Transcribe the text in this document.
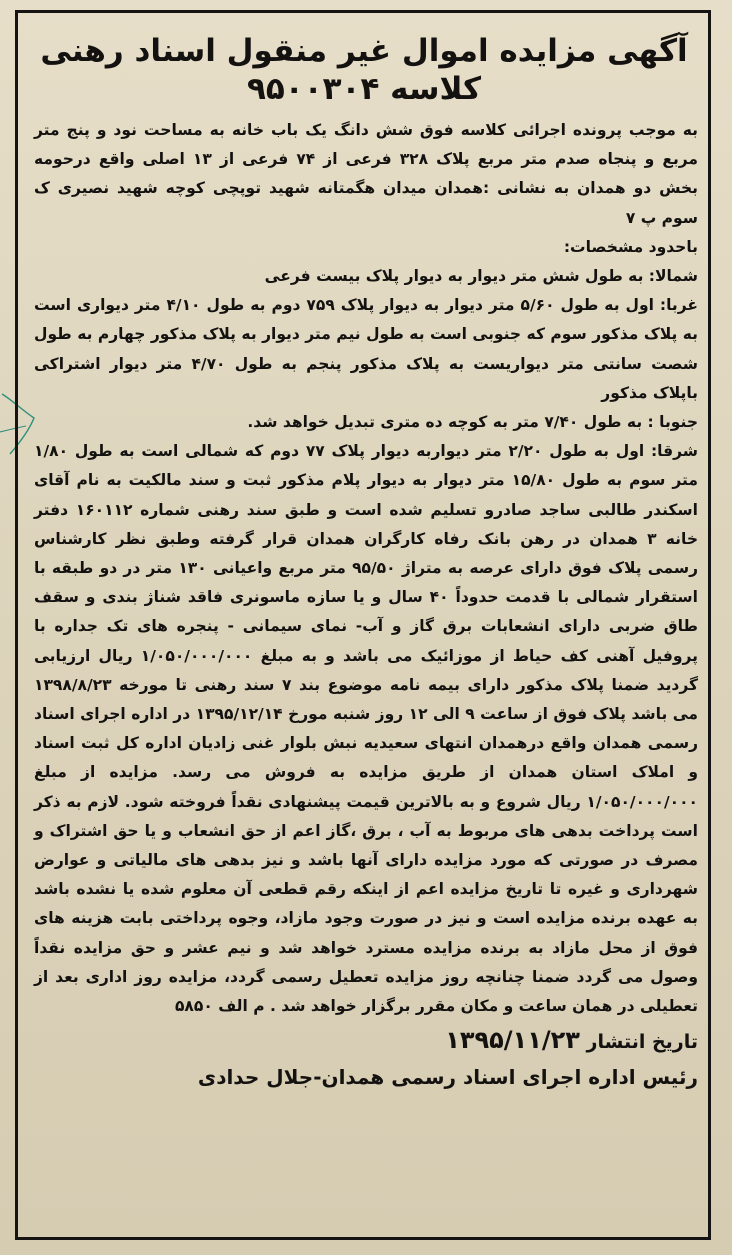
آگهی مزایده اموال غیر منقول اسناد رهنی
کلاسه ۹۵۰۰۳۰۴

به موجب پرونده اجرائی کلاسه فوق شش دانگ یک باب خانه به مساحت نود و پنج متر مربع و پنجاه صدم متر مربع پلاک ۳۲۸ فرعی از ۷۴ فرعی از ۱۳ اصلی واقع درحومه بخش دو همدان به نشانی :همدان میدان هگمتانه شهید توپچی کوچه شهید نصیری ک سوم پ ۷

باحدود مشخصات:

شمالا: به طول شش متر دیوار به دیوار پلاک بیست فرعی

غربا: اول به طول ۵/۶۰ متر دیوار به دیوار پلاک ۷۵۹ دوم به طول ۴/۱۰ متر دیواری است به پلاک مذکور سوم که جنوبی است به طول نیم متر دیوار به پلاک مذکور چهارم به طول شصت سانتی متر دیواریست به پلاک مذکور پنجم به طول ۴/۷۰ متر دیوار اشتراکی باپلاک مذکور

جنوبا : به طول ۷/۴۰ متر به کوچه ده متری تبدیل خواهد شد.

شرقا: اول به طول ۲/۲۰ متر دیواربه دیوار پلاک ۷۷ دوم که شمالی است به طول ۱/۸۰ متر سوم به طول ۱۵/۸۰ متر دیوار به دیوار پلام مذکور ثبت و سند مالکیت به نام آقای اسکندر طالبی ساجد صادرو تسلیم شده است و طبق سند رهنی شماره ۱۶۰۱۱۲ دفتر خانه ۳ همدان در رهن بانک رفاه کارگران همدان قرار گرفته وطبق نظر کارشناس رسمی پلاک فوق دارای عرصه به متراژ ۹۵/۵۰ متر مربع واعیانی ۱۳۰ متر در دو طبقه با استقرار شمالی با قدمت حدوداً ۴۰ سال و یا سازه ماسونری فاقد شناژ بندی و سقف طاق ضربی دارای انشعابات برق گاز و آب- نمای سیمانی - پنجره های تک جداره با پروفیل آهنی کف حیاط از موزائیک می باشد و به مبلغ ۱/۰۵۰/۰۰۰/۰۰۰ ریال ارزیابی گردید ضمنا پلاک مذکور دارای بیمه نامه موضوع بند ۷ سند رهنی تا مورخه ۱۳۹۸/۸/۲۳ می باشد پلاک فوق از ساعت ۹ الی ۱۲ روز شنبه مورخ ۱۳۹۵/۱۲/۱۴ در اداره اجرای اسناد رسمی همدان واقع درهمدان انتهای سعیدیه نبش بلوار غنی زادیان اداره کل ثبت اسناد و املاک استان همدان از طریق مزایده به فروش می رسد. مزایده از مبلغ ۱/۰۵۰/۰۰۰/۰۰۰ ریال شروع و به بالاترین قیمت پیشنهادی نقداً فروخته شود. لازم به ذکر است پرداخت بدهی های مربوط به آب ، برق ،گاز اعم از حق انشعاب و یا حق اشتراک و مصرف در صورتی که مورد مزایده دارای آنها باشد و نیز بدهی های مالیاتی و عوارض شهرداری و غیره تا تاریخ مزایده اعم از اینکه رقم قطعی آن معلوم شده یا نشده باشد به عهده برنده مزایده است و نیز در صورت وجود مازاد، وجوه پرداختی بابت هزینه های فوق از محل مازاد به برنده مزایده مسترد خواهد شد و نیم عشر و حق مزایده نقداً وصول می گردد ضمنا چنانچه روز مزایده تعطیل رسمی گردد، مزایده روز اداری بعد از تعطیلی در همان ساعت و مکان مقرر برگزار خواهد شد . م الف ۵۸۵۰

تاریخ انتشار ۱۳۹۵/۱۱/۲۳
رئیس اداره اجرای اسناد رسمی همدان-جلال حدادی
